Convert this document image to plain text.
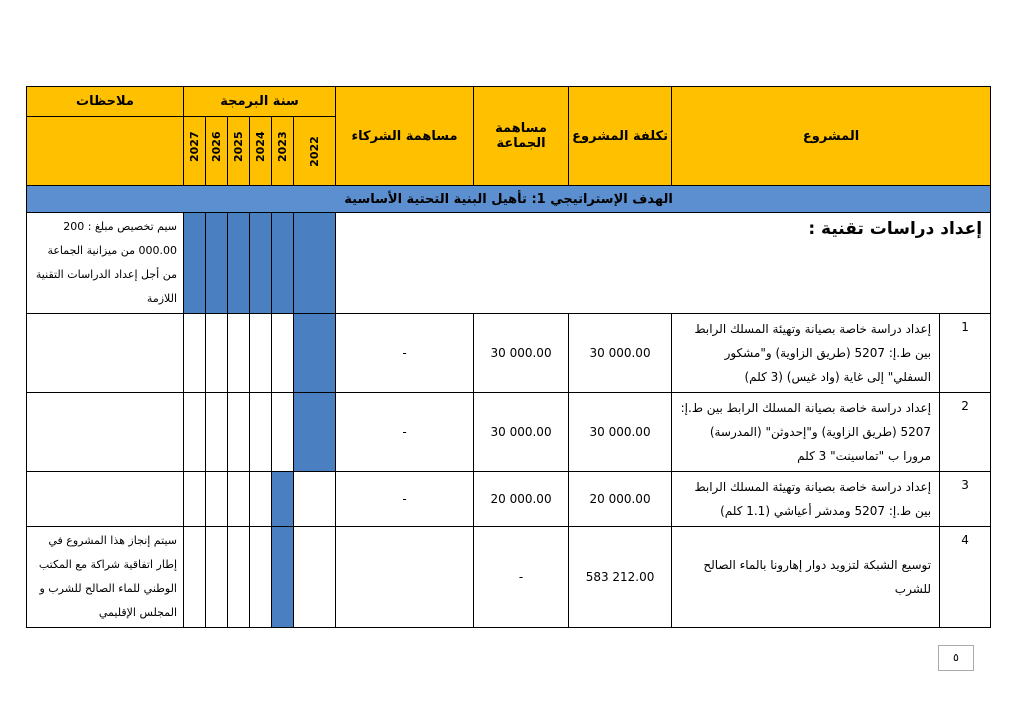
ملاحظات	سنة البرمجة						مساهمة الشركاء	مساهمة الجماعة	تكلفة المشروع	المشروع	

	2027	2026	2025	2024	2023	2022					

الهدف الإستراتيجي 1: تأهيل البنية التحتية الأساسية											
سيم تخصيص مبلغ : 200 000.00 من ميزانية الجماعة من أجل إعداد الدراسات التقنية اللازمة							إعداد دراسات تقنية :				
							-	30 000.00	30 000.00	إعداد دراسة خاصة بصيانة وتهيئة المسلك الرابط بين ط.إ: 5207 (طريق الزاوية) و"مشكور السفلي" إلى غاية (واد غيس) (3 كلم)	1
							-	30 000.00	30 000.00	إعداد دراسة خاصة بصيانة المسلك الرابط بين ط.إ: 5207 (طريق الزاوية) و"إحدوثن" (المدرسة) مرورا ب "تماسينت" 3 كلم	2
							-	20 000.00	20 000.00	إعداد دراسة خاصة بصيانة وتهيئة المسلك الرابط بين ط.إ: 5207 ومدشر أعياشي (1.1 كلم)	3
سيتم إنجاز هذا المشروع في إطار اتفاقية شراكة مع المكتب الوطني للماء الصالح للشرب و المجلس الإقليمي								-	583 212.00	توسيع الشبكة لتزويد دوار إهارونا بالماء الصالح للشرب	4
٥
